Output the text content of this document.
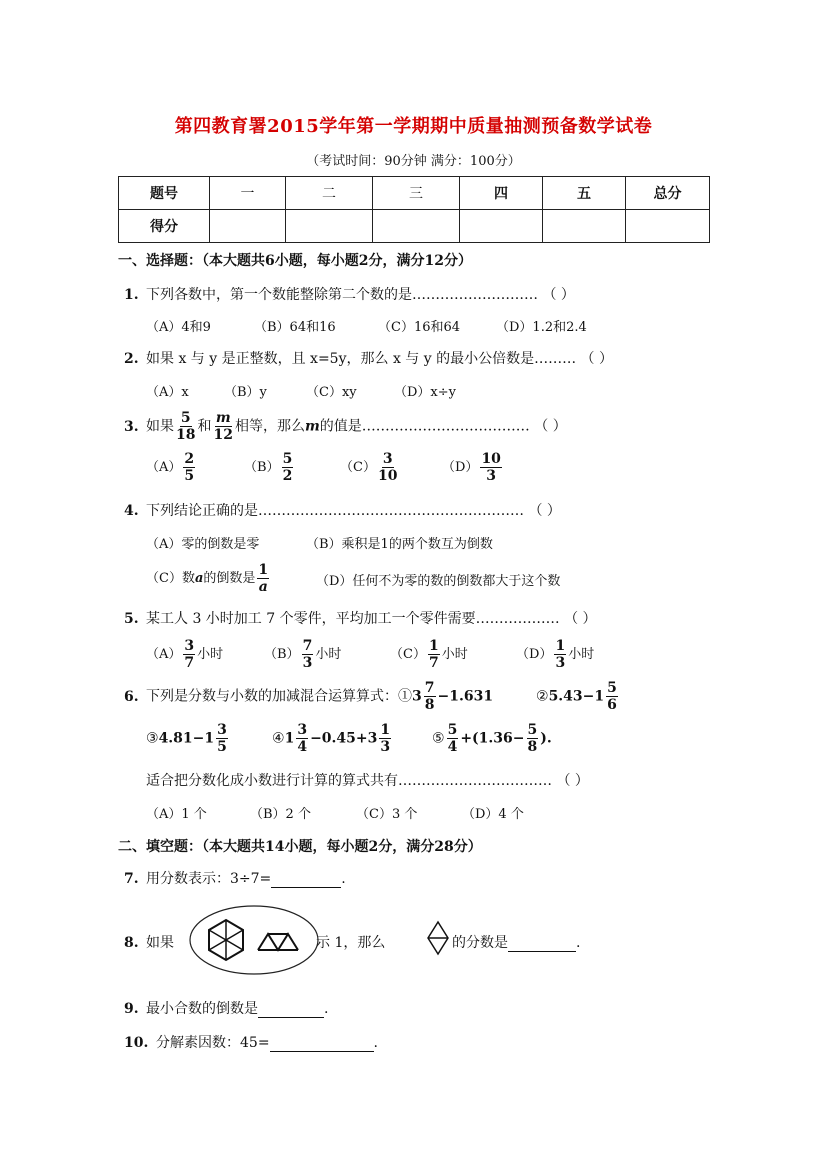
第四教育署2015学年第一学期期中质量抽测预备数学试卷
（考试时间：90分钟 满分：100分）
题号	一	二	三	四	五	总分
得分						
一、选择题：（本大题共6小题，每小题2分，满分12分）
1. 下列各数中，第一个数能整除第二个数的是……………………… （ ）
（A）4和9	（B）64和16	（C）16和64	（D）1.2和2.4
2. 如果 x 与 y 是正整数，且 x=5y，那么 x 与 y 的最小公倍数是……… （ ）
（A）x	（B）y	（C）xy	（D）x÷y
3. 如果 $\frac{5}{18}$ 和 $\frac{m}{12}$ 相等，那么m的值是……………………………… （ ）
$(A) \frac{2}{5}$	$(B) \frac{5}{2}$	$(C) \frac{3}{10}$	$(D) \frac{10}{3}$
4. 下列结论正确的是………………………………………………… （ ）
（A）零的倒数是零	（B）乘积是1的两个数互为倒数
（C）数a的倒数是 $\frac{1}{a}$	（D）任何不为零的数的倒数都大于这个数
5. 某工人 3 小时加工 7 个零件，平均加工一个零件需要……………… （ ）
$(A) \frac{3}{7}$ 小时	$(B) \frac{7}{3}$ 小时	$(C) \frac{1}{7}$ 小时	$(D) \frac{1}{3}$ 小时
6. 下列是分数与小数的加减混合运算算式：①3 $\frac{7}{8} -1.631$	②5.43−1 $\frac{5}{6}$
③4.81−1 $\frac{3}{5}$	④1 $\frac{3}{4} -0.45+3 \frac{1}{3}$	⑤ $\frac{5}{4} +(1.36- \frac{5}{8}$ ).
适合把分数化成小数进行计算的算式共有…………………………… （ ）
（A）1 个	（B）2 个	（C）3 个	（D）4 个
二、填空题：（本大题共14小题，每小题2分，满分28分）
7. 用分数表示：3÷7=	.
8. 如果	示 1，那么	的分数是	.
9. 最小合数的倒数是	.
10. 分解素因数：45=	.
